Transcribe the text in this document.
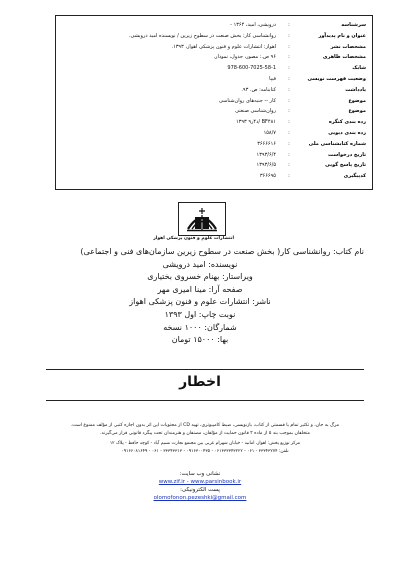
سرشناسه
:
درویشی، امید، ۱۳۶۴ -
عنوان و نام پدیدآور
:
روانشناسی کار: بخش صنعت در سطوح زیرین / نویسنده امید درویشی.
مشخصات نشر
:
اهواز: انتشارات علوم و فنون پزشکی اهواز، ۱۳۹۳.
مشخصات ظاهری
:
۹۶ ص.: مصور، جدول، نمودار.
شابک
:
978-600-7025-58-1
وضعیت فهرست نویسی
:
فیپا
یادداشت
:
کتابنامه: ص. ۹۳.
موضوع
:
کار -- جنبه‌های روان‌شناسی
موضوع
:
روان‌شناسی صنعتی
رده بندی کنگره
:
BF۴۸۱ /د۴ر۹ ۱۳۹۳
رده بندی دیویی
:
۱۵۸/۷
شماره کتابشناسی ملی
:
۳۶۶۶۶۱۶
تاریخ درخواست
:
۱۳۹۳/۶/۴
تاریخ پاسخ گویی
:
۱۳۹۳/۶/۵
کدپیگیری
:
۳۶۶۶۹۵
انتشارات علوم و فنون پزشکی اهواز
نام کتاب: روانشناسی کار( بخش صنعت در سطوح زیرین سازمان‌های فنی و اجتماعی)
نویسنده: امید درویشی
ویراستار: بهنام خسروی بختیاری
صفحه آرا: مینا امیری مهر
ناشر: انتشارات علوم و فنون پزشکی اهواز
نوبت چاپ: اول ۱۳۹۳
شمارگان: ۱۰۰۰ نسخه
بها: ۱۵۰۰۰ تومان
اخطار
مرگ به جان، و تکثیر تمام یا قسمتی از کتاب، بازنویسی، ضبط کامپیوتری، تهیه CD از محتویات این اثر بدون اجازه کتبی از مؤلف ممنوع است.
متخلفان بموجب بند ۵ از ماده ۲ قانون حمایت از مؤلفان، مصنفان و هنرمندان تحت پیگرد قانونی قرار می‌گیرند.
مرکز توزیع پخش: اهواز، امانیه - خیابان شهرام غربی بین مجتمع تجارت نسیم آباد - کوچه حافظ - پلاک ۱۲
تلفن: ۳۳۳۴۳۲۷۴ - ۰۶۱ - ۰۶۱۳۳۳۳۴۳۲۲۲ - ۰۹۱۶۳۰۰۴۳۵ - ۳۳۳۴۳۳۱۳ - ۰۶۱ - ۰۹۱۶۶۰۸۱۶۴۹
نشانی وب سایت:
www.zif.ir - www.parsinbook.ir
پست الکترونیکی:
olomofonon.pezeshki@gmail.com
